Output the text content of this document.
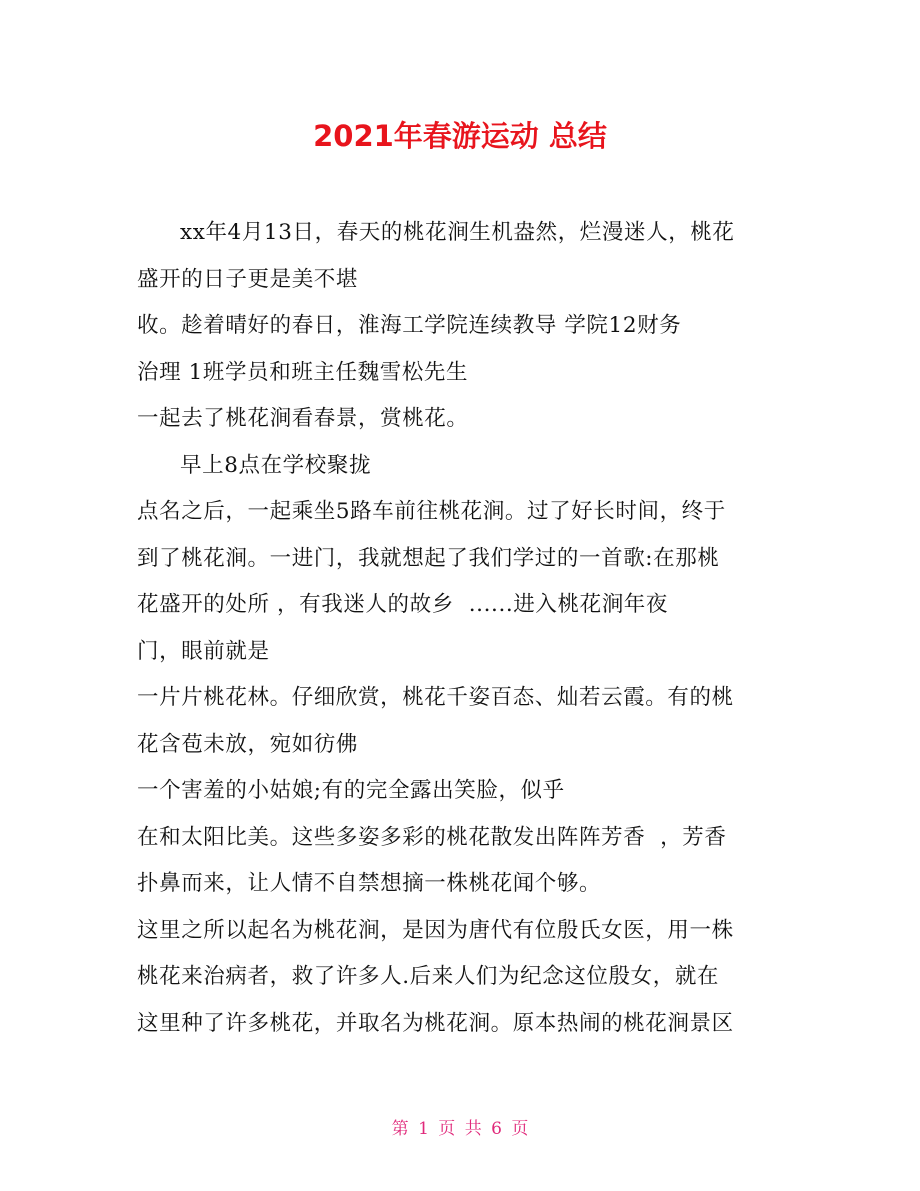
2021年春游运动 总结
xx年4月13日，春天的桃花涧生机盎然，烂漫迷人，桃花
盛开的日子更是美不堪
收。趁着晴好的春日，淮海工学院连续教导 学院12财务
治理 1班学员和班主任魏雪松先生
一起去了桃花涧看春景，赏桃花。
早上8点在学校聚拢
点名之后，一起乘坐5路车前往桃花涧。过了好长时间，终于
到了桃花涧。一进门，我就想起了我们学过的一首歌:在那桃
花盛开的处所 ，有我迷人的故乡  ......进入桃花涧年夜
门，眼前就是
一片片桃花林。仔细欣赏，桃花千姿百态、灿若云霞。有的桃
花含苞未放，宛如彷佛
一个害羞的小姑娘;有的完全露出笑脸，似乎
在和太阳比美。这些多姿多彩的桃花散发出阵阵芳香  ，芳香
扑鼻而来，让人情不自禁想摘一株桃花闻个够。
这里之所以起名为桃花涧，是因为唐代有位殷氏女医，用一株
桃花来治病者，救了许多人.后来人们为纪念这位殷女，就在
这里种了许多桃花，并取名为桃花涧。原本热闹的桃花涧景区
第 1 页 共 6 页
